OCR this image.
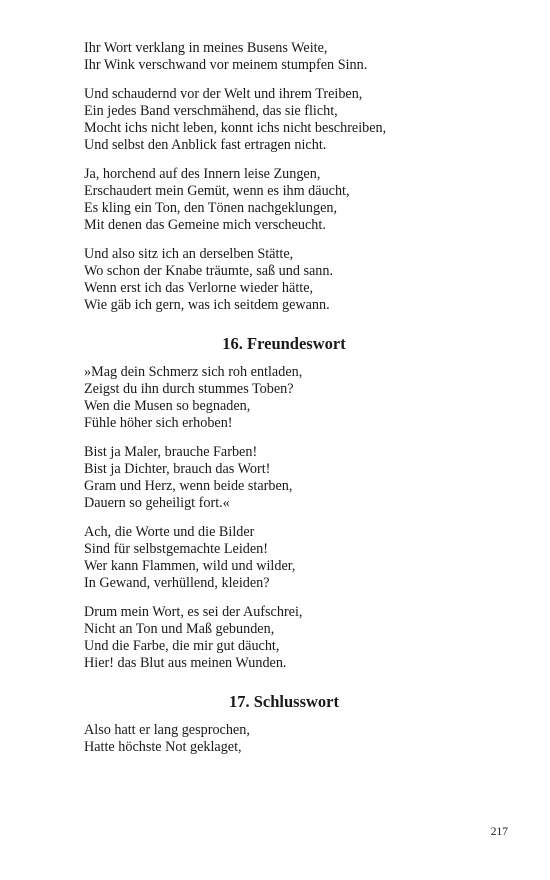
Ihr Wort verklang in meines Busens Weite,
Ihr Wink verschwand vor meinem stumpfen Sinn.
Und schaudernd vor der Welt und ihrem Treiben,
Ein jedes Band verschmähend, das sie flicht,
Mocht ichs nicht leben, konnt ichs nicht beschreiben,
Und selbst den Anblick fast ertragen nicht.
Ja, horchend auf des Innern leise Zungen,
Erschaudert mein Gemüt, wenn es ihm däucht,
Es kling ein Ton, den Tönen nachgeklungen,
Mit denen das Gemeine mich verscheucht.
Und also sitz ich an derselben Stätte,
Wo schon der Knabe träumte, saß und sann.
Wenn erst ich das Verlorne wieder hätte,
Wie gäb ich gern, was ich seitdem gewann.
16. Freundeswort
»Mag dein Schmerz sich roh entladen,
Zeigst du ihn durch stummes Toben?
Wen die Musen so begnaden,
Fühle höher sich erhoben!
Bist ja Maler, brauche Farben!
Bist ja Dichter, brauch das Wort!
Gram und Herz, wenn beide starben,
Dauern so geheiligt fort.«
Ach, die Worte und die Bilder
Sind für selbstgemachte Leiden!
Wer kann Flammen, wild und wilder,
In Gewand, verhüllend, kleiden?
Drum mein Wort, es sei der Aufschrei,
Nicht an Ton und Maß gebunden,
Und die Farbe, die mir gut däucht,
Hier! das Blut aus meinen Wunden.
17. Schlusswort
Also hatt er lang gesprochen,
Hatte höchste Not geklaget,
217
